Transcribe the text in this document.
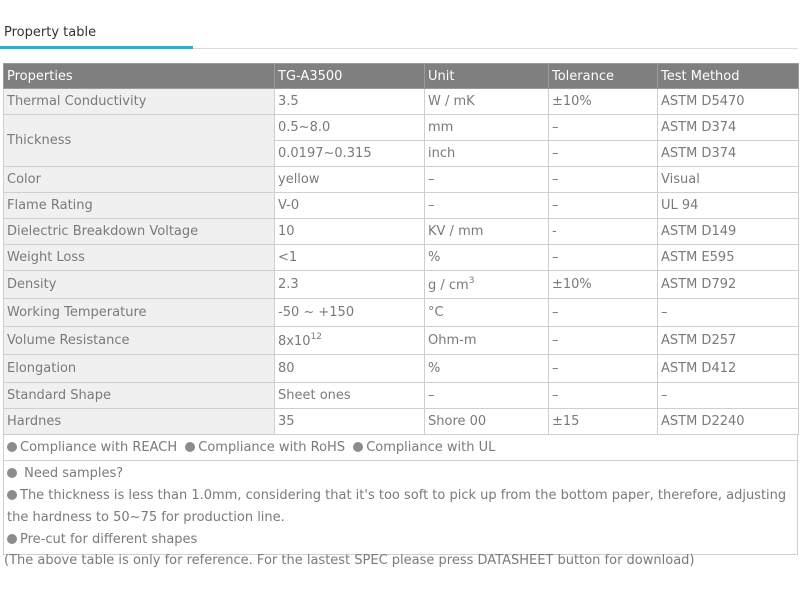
Property table
Properties	TG-A3500	Unit	Tolerance	Test Method
Thermal Conductivity	3.5	W / mK	±10%	ASTM D5470
Thickness	0.5~8.0	mm	–	ASTM D374
	0.0197~0.315	inch	–	ASTM D374
Color	yellow	–	–	Visual
Flame Rating	V-0	–	–	UL 94
Dielectric Breakdown Voltage	10	KV / mm	-	ASTM D149
Weight Loss	<1	%	–	ASTM E595
Density	2.3	g / $cm^3$	±10%	ASTM D792
Working Temperature	-50 ~ +150	°C	–	–
Volume Resistance	$8x10^{12}$	Ohm-m	–	ASTM D257
Elongation	80	%	–	ASTM D412
Standard Shape	Sheet ones	–	–	–
Hardnes	35	Shore 00	±15	ASTM D2240
Compliance with REACH Compliance with RoHS Compliance with UL
Need samples?
The thickness is less than 1.0mm, considering that it's too soft to pick up from the bottom paper, therefore, adjusting the hardness to 50~75 for production line.
Pre-cut for different shapes
(The above table is only for reference. For the lastest SPEC please press DATASHEET button for download)
